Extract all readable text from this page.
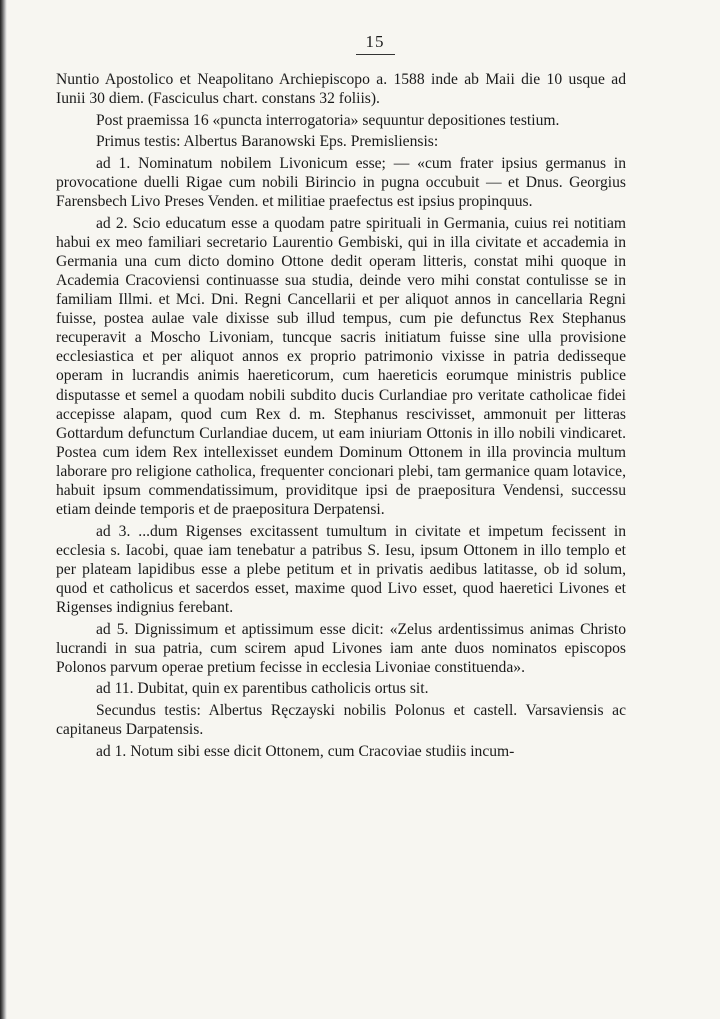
15

Nuntio Apostolico et Neapolitano Archiepiscopo a. 1588 inde ab Maii die 10 usque ad Iunii 30 diem. (Fasciculus chart. constans 32 foliis).

Post praemissa 16 «puncta interrogatoria» sequuntur depositiones testium.

Primus testis: Albertus Baranowski Eps. Premisliensis:

ad 1. Nominatum nobilem Livonicum esse; — «cum frater ipsius germanus in provocatione duelli Rigae cum nobili Birincio in pugna occubuit — et Dnus. Georgius Farensbech Livo Preses Venden. et militiae praefectus est ipsius propinquus.

ad 2. Scio educatum esse a quodam patre spirituali in Germania, cuius rei notitiam habui ex meo familiari secretario Laurentio Gembiski, qui in illa civitate et accademia in Germania una cum dicto domino Ottone dedit operam litteris, constat mihi quoque in Academia Cracoviensi continuasse sua studia, deinde vero mihi constat contulisse se in familiam Illmi. et Mci. Dni. Regni Cancellarii et per aliquot annos in cancellaria Regni fuisse, postea aulae vale dixisse sub illud tempus, cum pie defunctus Rex Stephanus recuperavit a Moscho Livoniam, tuncque sacris initiatum fuisse sine ulla provisione ecclesiastica et per aliquot annos ex proprio patrimonio vixisse in patria dedisseque operam in lucrandis animis haereticorum, cum haereticis eorumque ministris publice disputasse et semel a quodam nobili subdito ducis Curlandiae pro veritate catholicae fidei accepisse alapam, quod cum Rex d. m. Stephanus rescivisset, ammonuit per litteras Gottardum defunctum Curlandiae ducem, ut eam iniuriam Ottonis in illo nobili vindicaret. Postea cum idem Rex intellexisset eundem Dominum Ottonem in illa provincia multum laborare pro religione catholica, frequenter concionari plebi, tam germanice quam lotavice, habuit ipsum commendatissimum, providitque ipsi de praepositura Vendensi, successu etiam deinde temporis et de praepositura Derpatensi.

ad 3. ...dum Rigenses excitassent tumultum in civitate et impetum fecissent in ecclesia s. Iacobi, quae iam tenebatur a patribus S. Iesu, ipsum Ottonem in illo templo et per plateam lapidibus esse a plebe petitum et in privatis aedibus latitasse, ob id solum, quod et catholicus et sacerdos esset, maxime quod Livo esset, quod haeretici Livones et Rigenses indignius ferebant.

ad 5. Dignissimum et aptissimum esse dicit: «Zelus ardentissimus animas Christo lucrandi in sua patria, cum scirem apud Livones iam ante duos nominatos episcopos Polonos parvum operae pretium fecisse in ecclesia Livoniae constituenda».

ad 11. Dubitat, quin ex parentibus catholicis ortus sit.

Secundus testis: Albertus Ręczayski nobilis Polonus et castell. Varsaviensis ac capitaneus Darpatensis.

ad 1. Notum sibi esse dicit Ottonem, cum Cracoviae studiis incum-
